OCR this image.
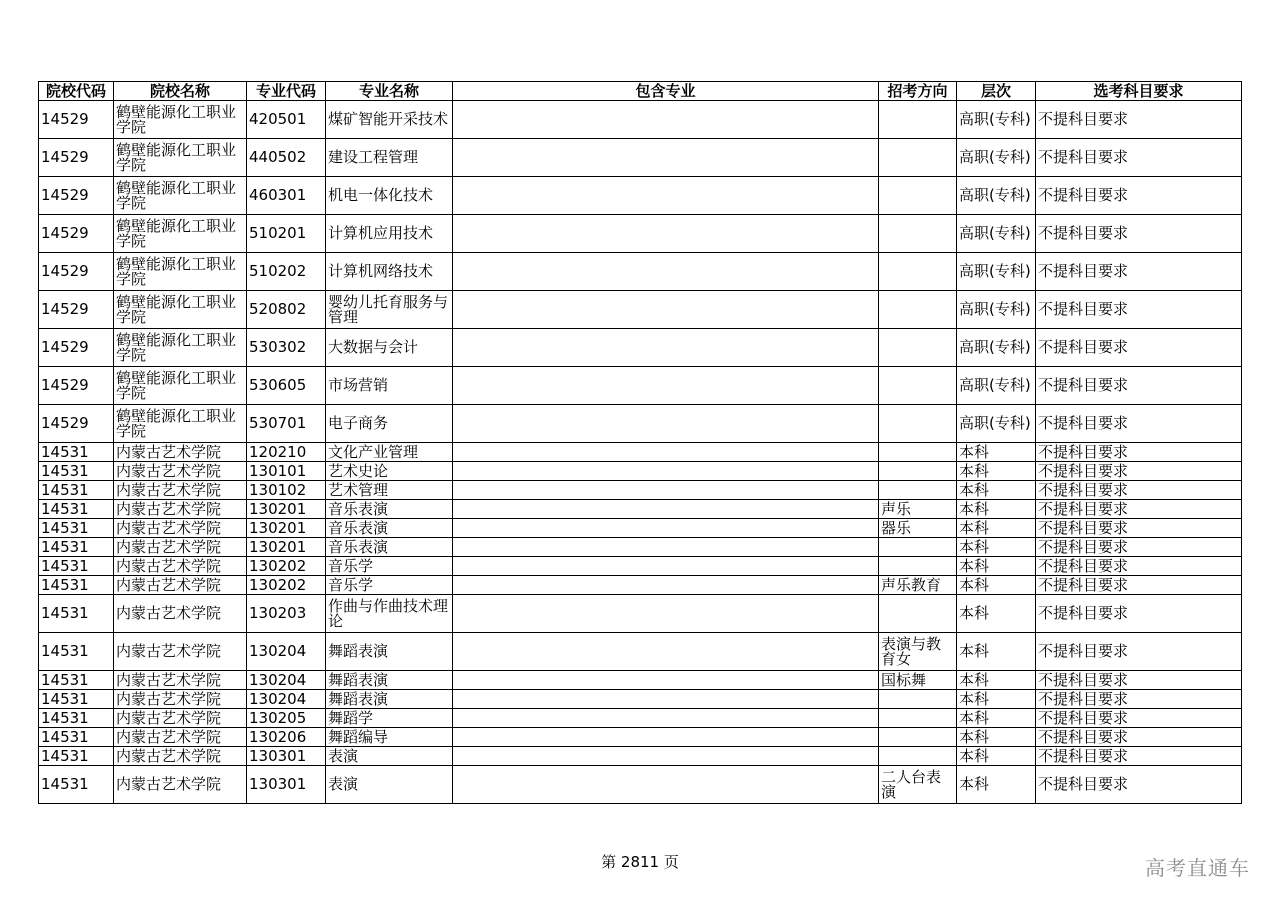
院校代码	院校名称	专业代码	专业名称	包含专业	招考方向	层次	选考科目要求
14529	鹤壁能源化工职业学院	420501	煤矿智能开采技术			高职(专科)	不提科目要求
14529	鹤壁能源化工职业学院	440502	建设工程管理			高职(专科)	不提科目要求
14529	鹤壁能源化工职业学院	460301	机电一体化技术			高职(专科)	不提科目要求
14529	鹤壁能源化工职业学院	510201	计算机应用技术			高职(专科)	不提科目要求
14529	鹤壁能源化工职业学院	510202	计算机网络技术			高职(专科)	不提科目要求
14529	鹤壁能源化工职业学院	520802	婴幼儿托育服务与管理			高职(专科)	不提科目要求
14529	鹤壁能源化工职业学院	530302	大数据与会计			高职(专科)	不提科目要求
14529	鹤壁能源化工职业学院	530605	市场营销			高职(专科)	不提科目要求
14529	鹤壁能源化工职业学院	530701	电子商务			高职(专科)	不提科目要求
14531	内蒙古艺术学院	120210	文化产业管理			本科	不提科目要求
14531	内蒙古艺术学院	130101	艺术史论			本科	不提科目要求
14531	内蒙古艺术学院	130102	艺术管理			本科	不提科目要求
14531	内蒙古艺术学院	130201	音乐表演		声乐	本科	不提科目要求
14531	内蒙古艺术学院	130201	音乐表演		器乐	本科	不提科目要求
14531	内蒙古艺术学院	130201	音乐表演			本科	不提科目要求
14531	内蒙古艺术学院	130202	音乐学			本科	不提科目要求
14531	内蒙古艺术学院	130202	音乐学		声乐教育	本科	不提科目要求
14531	内蒙古艺术学院	130203	作曲与作曲技术理论			本科	不提科目要求
14531	内蒙古艺术学院	130204	舞蹈表演		表演与教育女	本科	不提科目要求
14531	内蒙古艺术学院	130204	舞蹈表演		国标舞	本科	不提科目要求
14531	内蒙古艺术学院	130204	舞蹈表演			本科	不提科目要求
14531	内蒙古艺术学院	130205	舞蹈学			本科	不提科目要求
14531	内蒙古艺术学院	130206	舞蹈编导			本科	不提科目要求
14531	内蒙古艺术学院	130301	表演			本科	不提科目要求
14531	内蒙古艺术学院	130301	表演		二人台表演	本科	不提科目要求
第 2811 页	高考直通车
